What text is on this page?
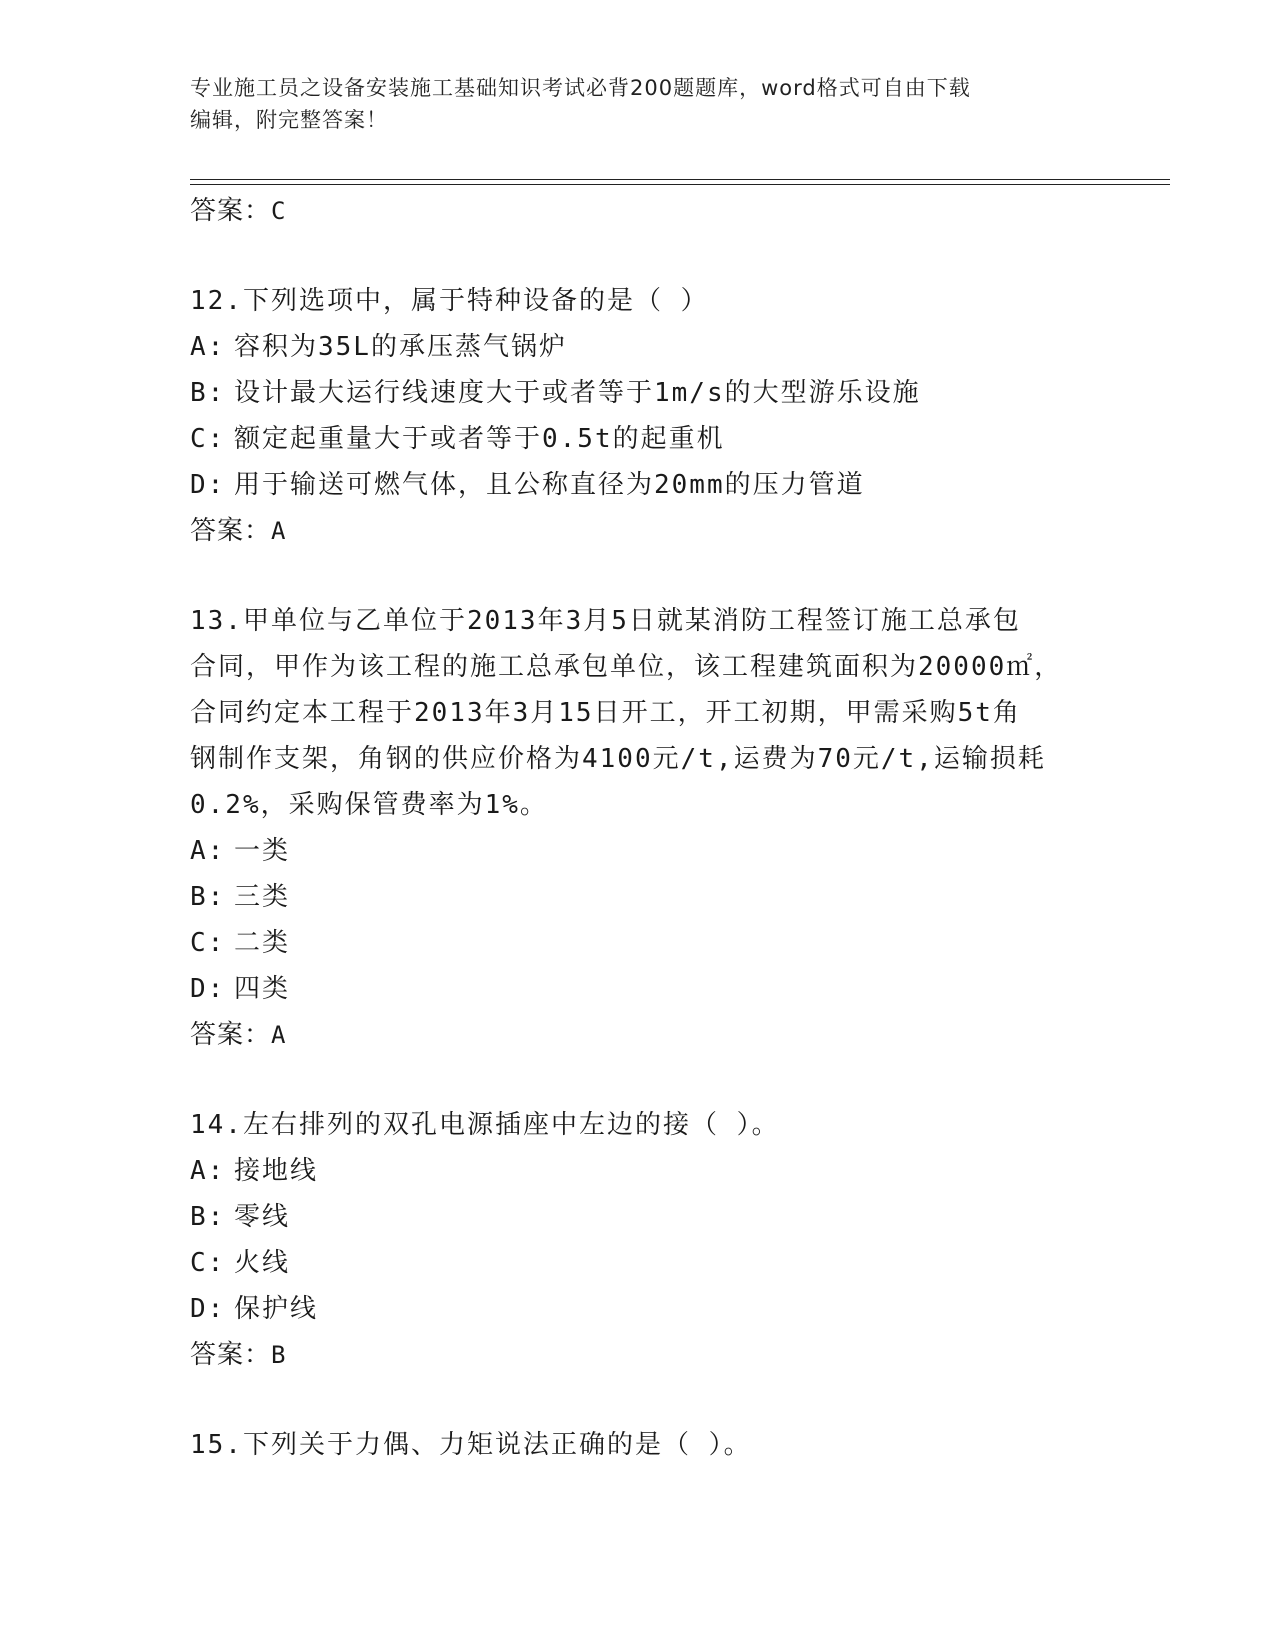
专业施工员之设备安装施工基础知识考试必背200题题库，word格式可自由下载
编辑，附完整答案！
答案：C
12.下列选项中，属于特种设备的是（ ）
A: 容积为35L的承压蒸气锅炉
B: 设计最大运行线速度大于或者等于1m/s的大型游乐设施
C: 额定起重量大于或者等于0.5t的起重机
D: 用于输送可燃气体，且公称直径为20mm的压力管道
答案：A
13.甲单位与乙单位于2013年3月5日就某消防工程签订施工总承包
合同，甲作为该工程的施工总承包单位，该工程建筑面积为20000㎡，
合同约定本工程于2013年3月15日开工，开工初期，甲需采购5t角
钢制作支架，角钢的供应价格为4100元/t,运费为70元/t,运输损耗
0.2%，采购保管费率为1%。
A: 一类
B: 三类
C: 二类
D: 四类
答案：A
14.左右排列的双孔电源插座中左边的接（ ）。
A: 接地线
B: 零线
C: 火线
D: 保护线
答案：B
15.下列关于力偶、力矩说法正确的是（ ）。
